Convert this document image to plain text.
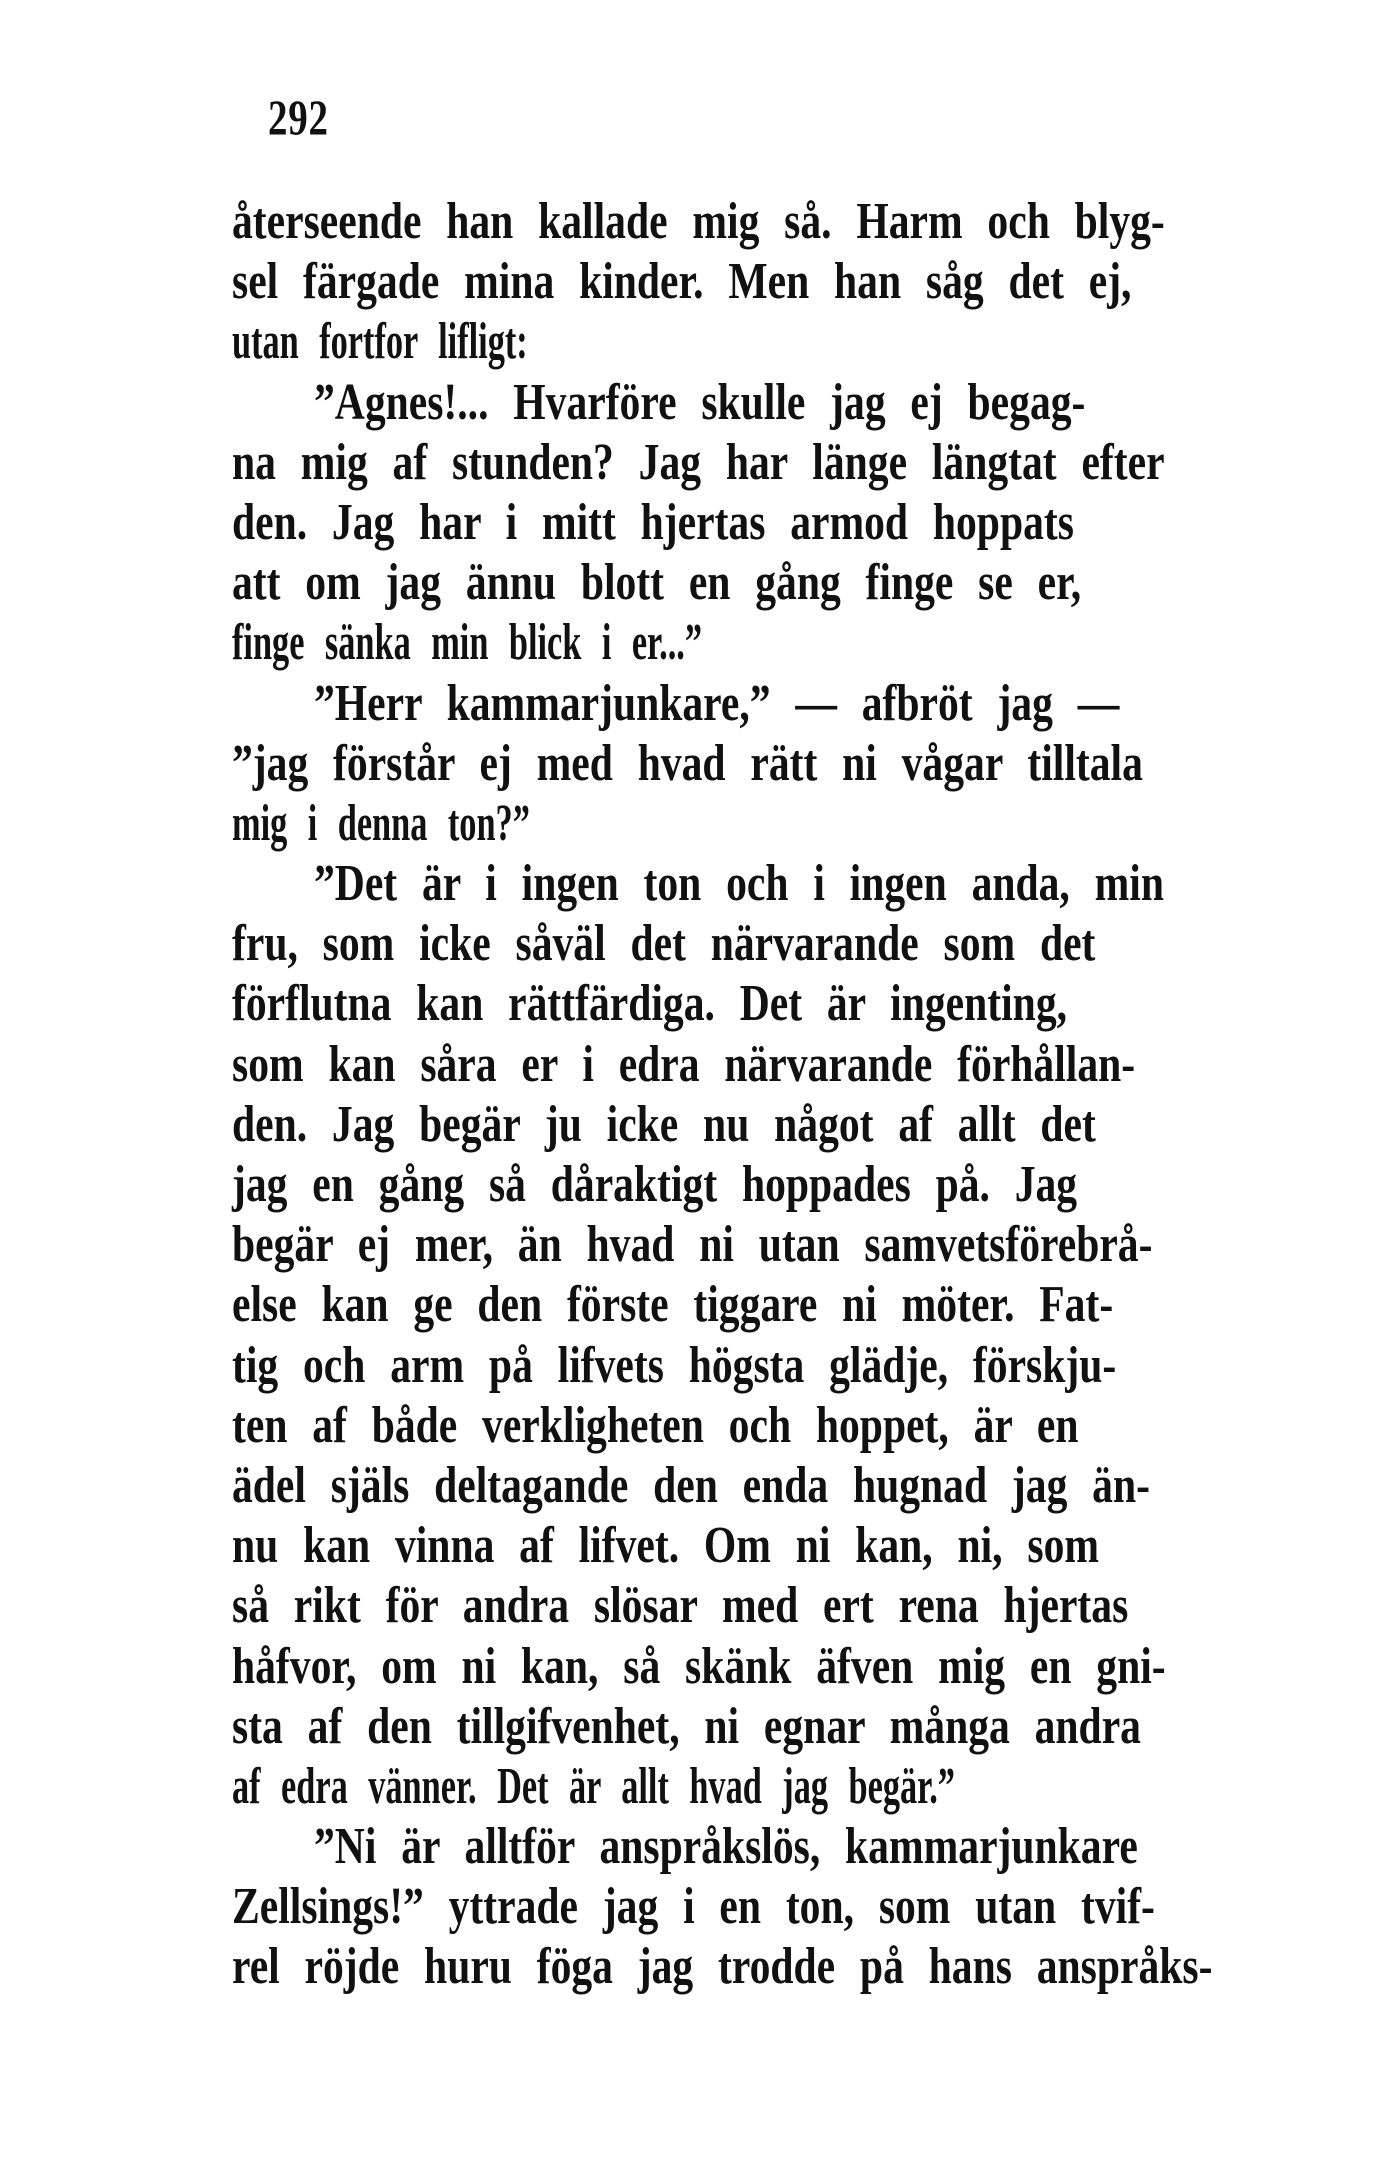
292
återseende han kallade mig så. Harm och blyg-
sel färgade mina kinder. Men han såg det ej,
utan fortfor lifligt:
”Agnes!... Hvarföre skulle jag ej begag-
na mig af stunden? Jag har länge längtat efter
den. Jag har i mitt hjertas armod hoppats
att om jag ännu blott en gång finge se er,
finge sänka min blick i er...”
”Herr kammarjunkare,” — afbröt jag —
”jag förstår ej med hvad rätt ni vågar tilltala
mig i denna ton?”
”Det är i ingen ton och i ingen anda, min
fru, som icke såväl det närvarande som det
förflutna kan rättfärdiga. Det är ingenting,
som kan såra er i edra närvarande förhållan-
den. Jag begär ju icke nu något af allt det
jag en gång så dåraktigt hoppades på. Jag
begär ej mer, än hvad ni utan samvetsförebrå-
else kan ge den förste tiggare ni möter. Fat-
tig och arm på lifvets högsta glädje, förskju-
ten af både verkligheten och hoppet, är en
ädel själs deltagande den enda hugnad jag än-
nu kan vinna af lifvet. Om ni kan, ni, som
så rikt för andra slösar med ert rena hjertas
håfvor, om ni kan, så skänk äfven mig en gni-
sta af den tillgifvenhet, ni egnar många andra
af edra vänner. Det är allt hvad jag begär.”
”Ni är alltför anspråkslös, kammarjunkare
Zellsings!” yttrade jag i en ton, som utan tvif-
rel röjde huru föga jag trodde på hans anspråks-
